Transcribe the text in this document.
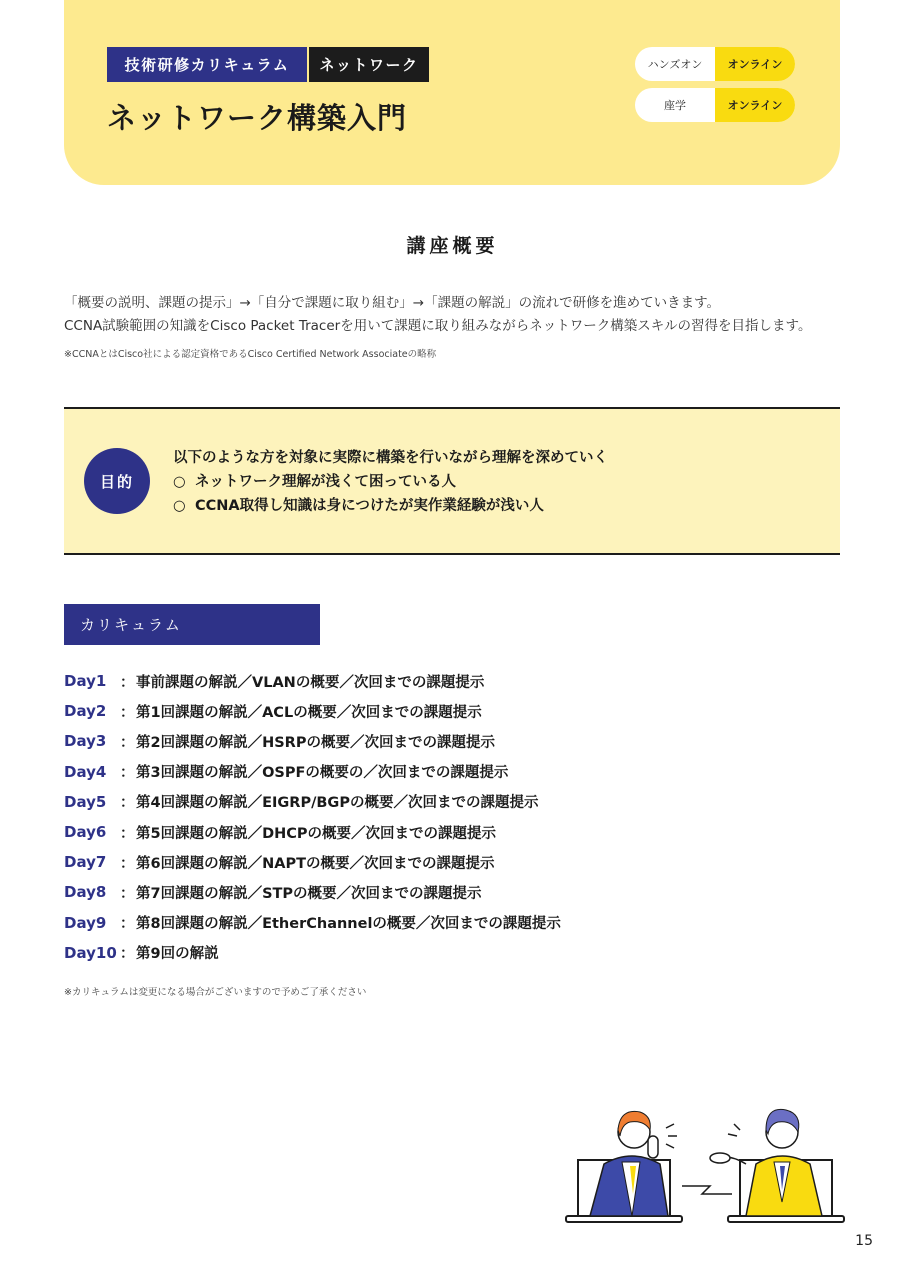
技術研修カリキュラム	ネットワーク
ネットワーク構築入門
ハンズオン	オンライン
座学	オンライン
講座概要
「概要の説明、課題の提示」→「自分で課題に取り組む」→「課題の解説」の流れで研修を進めていきます。
CCNA試験範囲の知識をCisco Packet Tracerを用いて課題に取り組みながらネットワーク構築スキルの習得を目指します。
※CCNAとはCisco社による認定資格であるCisco Certified Network Associateの略称
目的
以下のような方を対象に実際に構築を行いながら理解を深めていく
○ ネットワーク理解が浅くて困っている人
○ CCNA取得し知識は身につけたが実作業経験が浅い人
カリキュラム
Day1 ： 事前課題の解説／VLANの概要／次回までの課題提示
Day2 ： 第1回課題の解説／ACLの概要／次回までの課題提示
Day3 ： 第2回課題の解説／HSRPの概要／次回までの課題提示
Day4 ： 第3回課題の解説／OSPFの概要の／次回までの課題提示
Day5 ： 第4回課題の解説／EIGRP/BGPの概要／次回までの課題提示
Day6 ： 第5回課題の解説／DHCPの概要／次回までの課題提示
Day7 ： 第6回課題の解説／NAPTの概要／次回までの課題提示
Day8 ： 第7回課題の解説／STPの概要／次回までの課題提示
Day9 ： 第8回課題の解説／EtherChannelの概要／次回までの課題提示
Day10 ： 第9回の解説
※カリキュラムは変更になる場合がございますので予めご了承ください
15
